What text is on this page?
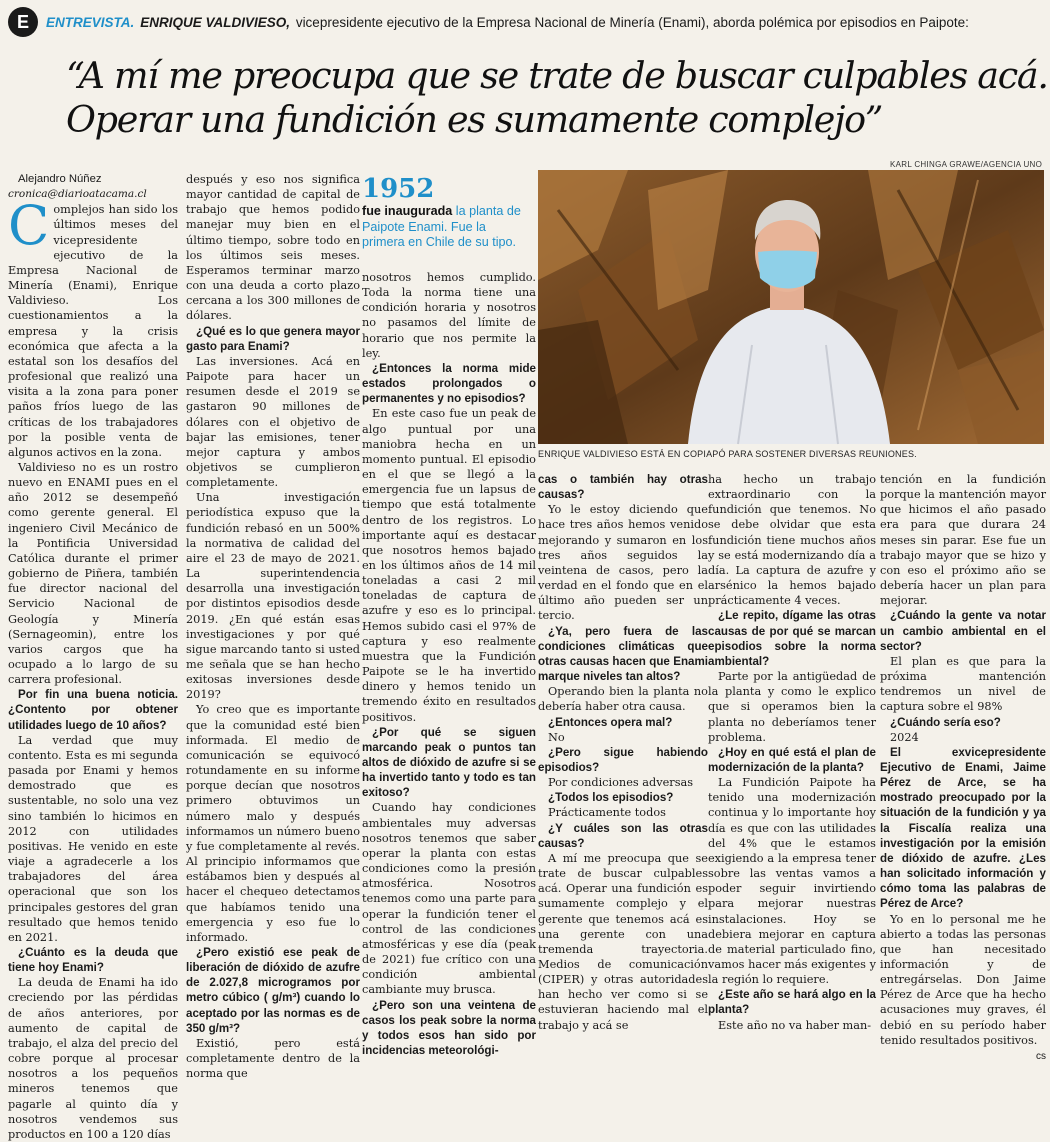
E	ENTREVISTA. ENRIQUE VALDIVIESO, vicepresidente ejecutivo de la Empresa Nacional de Minería (Enami), aborda polémica por episodios en Paipote:
“A mí me preocupa que se trate de buscar culpables acá.
Operar una fundición es sumamente complejo”

Alejandro Núñez

cronica@diarioatacama.cl

C omplejos han sido los últimos meses del vicepresidente ejecutivo de la Empresa Nacional de Minería (Enami), Enrique Valdivieso. Los cuestionamientos a la empresa y la crisis económica que afecta a la estatal son los desafíos del profesional que realizó una visita a la zona para poner paños fríos luego de las críticas de los trabajadores por la posible venta de algunos activos en la zona.

Valdivieso no es un rostro nuevo en ENAMI pues en el año 2012 se desempeñó como gerente general. El ingeniero Civil Mecánico de la Pontificia Universidad Católica durante el primer gobierno de Piñera, también fue director nacional del Servicio Nacional de Geología y Minería (Sernageomin), entre los varios cargos que ha ocupado a lo largo de su carrera profesional.

Por fin una buena noticia. ¿Contento por obtener utilidades luego de 10 años?

La verdad que muy contento. Esta es mi segunda pasada por Enami y hemos demostrado que es sustentable, no solo una vez sino también lo hicimos en 2012 con utilidades positivas. He venido en este viaje a agradecerle a los trabajadores del área operacional que son los principales gestores del gran resultado que hemos tenido en 2021.

¿Cuánto es la deuda que tiene hoy Enami?

La deuda de Enami ha ido creciendo por las pérdidas de años anteriores, por aumento de capital de trabajo, el alza del precio del cobre porque al procesar nosotros a los pequeños mineros tenemos que pagarle al quinto día y nosotros vendemos sus productos en 100 a 120 días

después y eso nos significa mayor cantidad de capital de trabajo que hemos podido manejar muy bien en el último tiempo, sobre todo en los últimos seis meses. Esperamos terminar marzo con una deuda a corto plazo cercana a los 300 millones de dólares.

¿Qué es lo que genera mayor gasto para Enami?

Las inversiones. Acá en Paipote para hacer un resumen desde el 2019 se gastaron 90 millones de dólares con el objetivo de bajar las emisiones, tener mejor captura y ambos objetivos se cumplieron completamente.

Una investigación periodística expuso que la fundición rebasó en un 500% la normativa de calidad del aire el 23 de mayo de 2021. La superintendencia desarrolla una investigación por distintos episodios desde 2019. ¿En qué están esas investigaciones y por qué sigue marcando tanto si usted me señala que se han hecho exitosas inversiones desde 2019?

Yo creo que es importante que la comunidad esté bien informada. El medio de comunicación se equivocó rotundamente en su informe porque decían que nosotros primero obtuvimos un número malo y después informamos un número bueno y fue completamente al revés. Al principio informamos que estábamos bien y después al hacer el chequeo detectamos que habíamos tenido una emergencia y eso fue lo informado.

¿Pero existió ese peak de liberación de dióxido de azufre de 2.027,8 microgramos por metro cúbico ( g/m³) cuando lo aceptado por las normas es de 350 g/m³?

Existió, pero está completamente dentro de la norma que

1952
fue inaugurada la planta de Paipote Enami. Fue la primera en Chile de su tipo.

nosotros hemos cumplido. Toda la norma tiene una condición horaria y nosotros no pasamos del límite de horario que nos permite la ley.

¿Entonces la norma mide estados prolongados o permanentes y no episodios?

En este caso fue un peak de algo puntual por una maniobra hecha en un momento puntual. El episodio en el que se llegó a la emergencia fue un lapsus de tiempo que está totalmente dentro de los registros. Lo importante aquí es destacar que nosotros hemos bajado en los últimos años de 14 mil toneladas a casi 2 mil toneladas de captura de azufre y eso es lo principal. Hemos subido casi el 97% de captura y eso realmente muestra que la Fundición Paipote se le ha invertido dinero y hemos tenido un tremendo éxito en resultados positivos.

¿Por qué se siguen marcando peak o puntos tan altos de dióxido de azufre si se ha invertido tanto y todo es tan exitoso?

Cuando hay condiciones ambientales muy adversas nosotros tenemos que saber operar la planta con estas condiciones como la presión atmosférica. Nosotros tenemos como una parte para operar la fundición tener el control de las condiciones atmosféricas y ese día (peak de 2021) fue crítico con una condición ambiental cambiante muy brusca.

¿Pero son una veintena de casos los peak sobre la norma y todos esos han sido por incidencias meteorológi-

KARL CHINGA GRAWE/AGENCIA UNO
ENRIQUE VALDIVIESO ESTÁ EN COPIAPÓ PARA SOSTENER DIVERSAS REUNIONES.

cas o también hay otras causas?

Yo le estoy diciendo que hace tres años hemos venido mejorando y sumaron en los tres años seguidos la veintena de casos, pero la verdad en el fondo que en el último año pueden ser un tercio.

¿Ya, pero fuera de las condiciones climáticas que otras causas hacen que Enami marque niveles tan altos?

Operando bien la planta no debería haber otra causa.

¿Entonces opera mal?

No

¿Pero sigue habiendo episodios?

Por condiciones adversas

¿Todos los episodios?

Prácticamente todos

¿Y cuáles son las otras causas?

A mí me preocupa que se trate de buscar culpables acá. Operar una fundición es sumamente complejo y el gerente que tenemos acá es una gerente con una tremenda trayectoria. Medios de comunicación (CIPER) y otras autoridades han hecho ver como si se estuvieran haciendo mal el trabajo y acá se

ha hecho un trabajo extraordinario con la fundición que tenemos. No se debe olvidar que esta fundición tiene muchos años y se está modernizando día a día. La captura de azufre y arsénico la hemos bajado prácticamente 4 veces.

¿Le repito, dígame las otras causas de por qué se marcan episodios sobre la norma ambiental?

Parte por la antigüedad de la planta y como le explico que si operamos bien la planta no deberíamos tener problema.

¿Hoy en qué está el plan de modernización de la planta?

La Fundición Paipote ha tenido una modernización continua y lo importante hoy día es que con las utilidades del 4% que le estamos exigiendo a la empresa tener sobre las ventas vamos a poder seguir invirtiendo para mejorar nuestras instalaciones. Hoy se debiera mejorar en captura de material particulado fino, vamos hacer más exigentes y la región lo requiere.

¿Este año se hará algo en la planta?

Este año no va haber man-

tención en la fundición porque la mantención mayor que hicimos el año pasado era para que durara 24 meses sin parar. Ese fue un trabajo mayor que se hizo y con eso el próximo año se debería hacer un plan para mejorar.

¿Cuándo la gente va notar un cambio ambiental en el sector?

El plan es que para la próxima mantención tendremos un nivel de captura sobre el 98%

¿Cuándo sería eso?

2024

El exvicepresidente Ejecutivo de Enami, Jaime Pérez de Arce, se ha mostrado preocupado por la situación de la fundición y ya la Fiscalía realiza una investigación por la emisión de dióxido de azufre. ¿Les han solicitado información y cómo toma las palabras de Pérez de Arce?

Yo en lo personal me he abierto a todas las personas que han necesitado información y de entregárselas. Don Jaime Pérez de Arce que ha hecho acusaciones muy graves, él debió en su período haber tenido resultados positivos.

cs
